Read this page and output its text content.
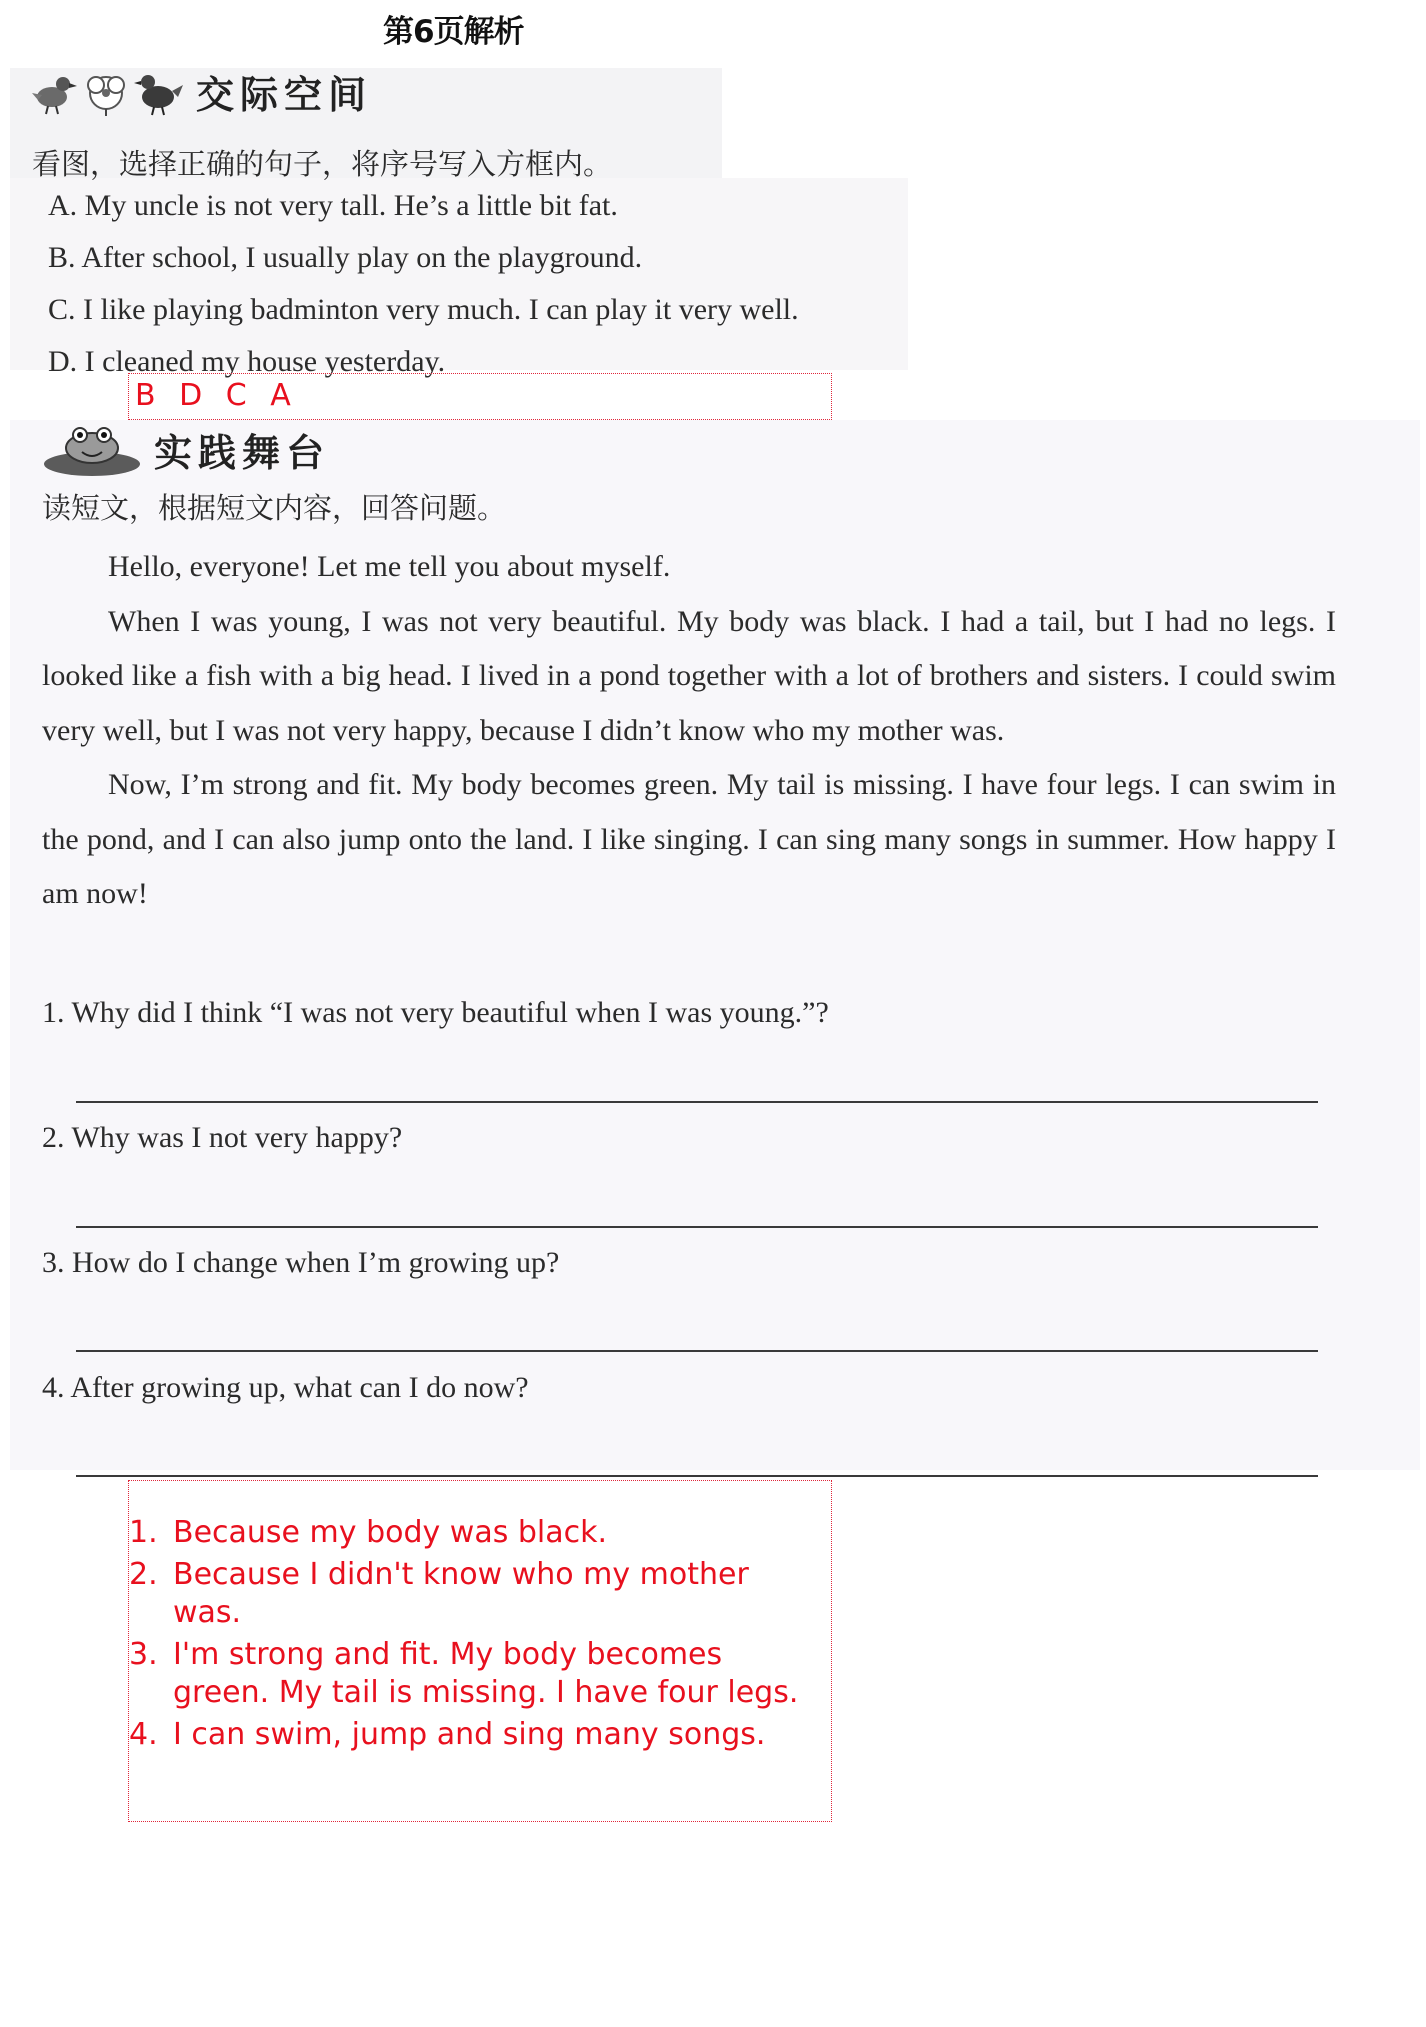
第6页解析
交际空间
看图，选择正确的句子，将序号写入方框内。
A. My uncle is not very tall. He’s a little bit fat.
B. After school, I usually play on the playground.
C. I like playing badminton very much. I can play it very well.
D. I cleaned my house yesterday.
B D C A
实践舞台
读短文，根据短文内容，回答问题。

Hello, everyone! Let me tell you about myself.

When I was young, I was not very beautiful. My body was black. I had a tail, but I had no legs. I looked like a fish with a big head. I lived in a pond together with a lot of brothers and sisters. I could swim very well, but I was not very happy, because I didn’t know who my mother was.

Now, I’m strong and fit. My body becomes green. My tail is missing. I have four legs. I can swim in the pond, and I can also jump onto the land. I like singing. I can sing many songs in summer. How happy I am now!

1. Why did I think “I was not very beautiful when I was young.”?
2. Why was I not very happy?
3. How do I change when I’m growing up?
4. After growing up, what can I do now?
1. Because my body was black.
2. Because I didn't know who my mother was.
3. I'm strong and fit. My body becomes green. My tail is missing. I have four legs.
4. I can swim, jump and sing many songs.
